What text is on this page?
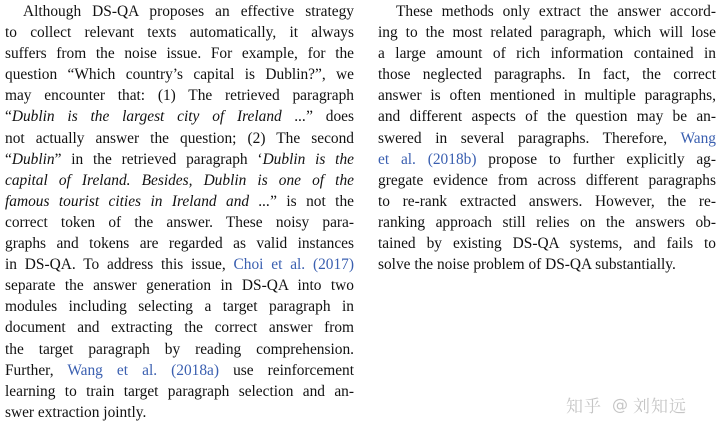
Although DS-QA proposes an effective strategy
to collect relevant texts automatically, it always
suffers from the noise issue. For example, for the
question “Which country’s capital is Dublin?”, we
may encounter that: (1) The retrieved paragraph
“Dublin is the largest city of Ireland ...” does
not actually answer the question; (2) The second
“Dublin” in the retrieved paragraph ‘Dublin is the
capital of Ireland. Besides, Dublin is one of the
famous tourist cities in Ireland and ...” is not the
correct token of the answer. These noisy para-
graphs and tokens are regarded as valid instances
in DS-QA. To address this issue, Choi et al. (2017)
separate the answer generation in DS-QA into two
modules including selecting a target paragraph in
document and extracting the correct answer from
the target paragraph by reading comprehension.
Further, Wang et al. (2018a) use reinforcement
learning to train target paragraph selection and an-
swer extraction jointly.
These methods only extract the answer accord-
ing to the most related paragraph, which will lose
a large amount of rich information contained in
those neglected paragraphs. In fact, the correct
answer is often mentioned in multiple paragraphs,
and different aspects of the question may be an-
swered in several paragraphs. Therefore, Wang
et al. (2018b) propose to further explicitly ag-
gregate evidence from across different paragraphs
to re-rank extracted answers. However, the re-
ranking approach still relies on the answers ob-
tained by existing DS-QA systems, and fails to
solve the noise problem of DS-QA substantially.
知乎 @ 刘知远
